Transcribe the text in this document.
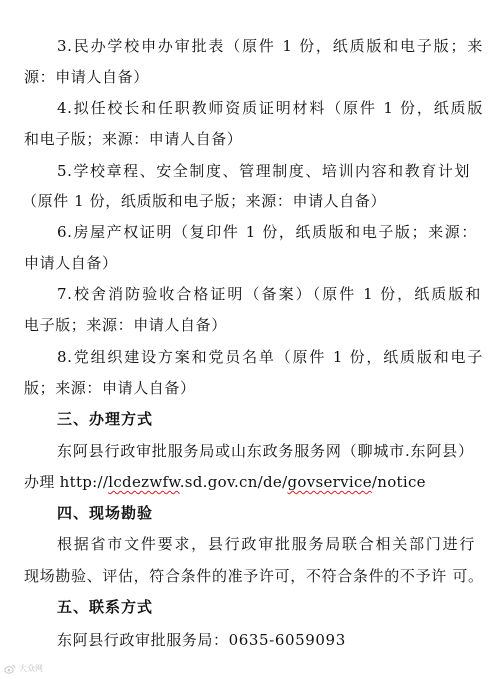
3.民办学校申办审批表（原件 1 份，纸质版和电子版；来
源：申请人自备）
4.拟任校长和任职教师资质证明材料（原件 1 份，纸质版
和电子版；来源：申请人自备）
5.学校章程、安全制度、管理制度、培训内容和教育计划
（原件 1 份，纸质版和电子版；来源：申请人自备）
6.房屋产权证明（复印件 1 份，纸质版和电子版；来源：
申请人自备）
7.校舍消防验收合格证明（备案）（原件 1 份，纸质版和
电子版；来源：申请人自备）
8.党组织建设方案和党员名单（原件 1 份，纸质版和电子
版；来源：申请人自备）
三、办理方式
东阿县行政审批服务局或山东政务服务网（聊城市.东阿县）
办理 http://lcdezwfw.sd.gov.cn/de/govservice/notice
四、现场勘验
根据省市文件要求，县行政审批服务局联合相关部门进行
现场勘验、评估，符合条件的准予许可，不符合条件的不予许 可。
五、联系方式
东阿县行政审批服务局：0635-6059093
大众网
